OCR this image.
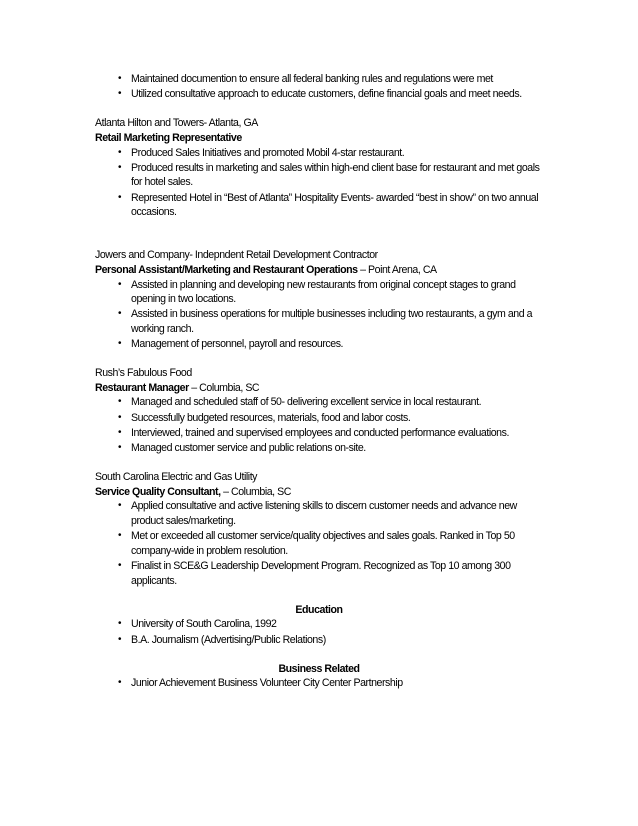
• Maintained documention to ensure all federal banking rules and regulations were met
• Utilized consultative approach to educate customers, define financial goals and meet needs.

Atlanta Hilton and Towers- Atlanta, GA

Retail Marketing Representative

• Produced Sales Initiatives and promoted Mobil 4-star restaurant.
• Produced results in marketing and sales within high-end client base for restaurant and met goals for hotel sales.
• Represented Hotel in “Best of Atlanta” Hospitality Events- awarded “best in show” on two annual occasions.

Jowers and Company- Indepndent Retail Development Contractor

Personal Assistant/Marketing and Restaurant Operations – Point Arena, CA

• Assisted in planning and developing new restaurants from original concept stages to grand opening in two locations.
• Assisted in business operations for multiple businesses including two restaurants, a gym and a working ranch.
• Management of personnel, payroll and resources.

Rush’s Fabulous Food

Restaurant Manager – Columbia, SC

• Managed and scheduled staff of 50- delivering excellent service in local restaurant.
• Successfully budgeted resources, materials, food and labor costs.
• Interviewed, trained and supervised employees and conducted performance evaluations.
• Managed customer service and public relations on-site.

South Carolina Electric and Gas Utility

Service Quality Consultant, – Columbia, SC

• Applied consultative and active listening skills to discern customer needs and advance new product sales/marketing.
• Met or exceeded all customer service/quality objectives and sales goals. Ranked in Top 50 company-wide in problem resolution.
• Finalist in SCE&G Leadership Development Program. Recognized as Top 10 among 300 applicants.

Education

• University of South Carolina, 1992
• B.A. Journalism (Advertising/Public Relations)

Business Related

• Junior Achievement Business Volunteer City Center Partnership
